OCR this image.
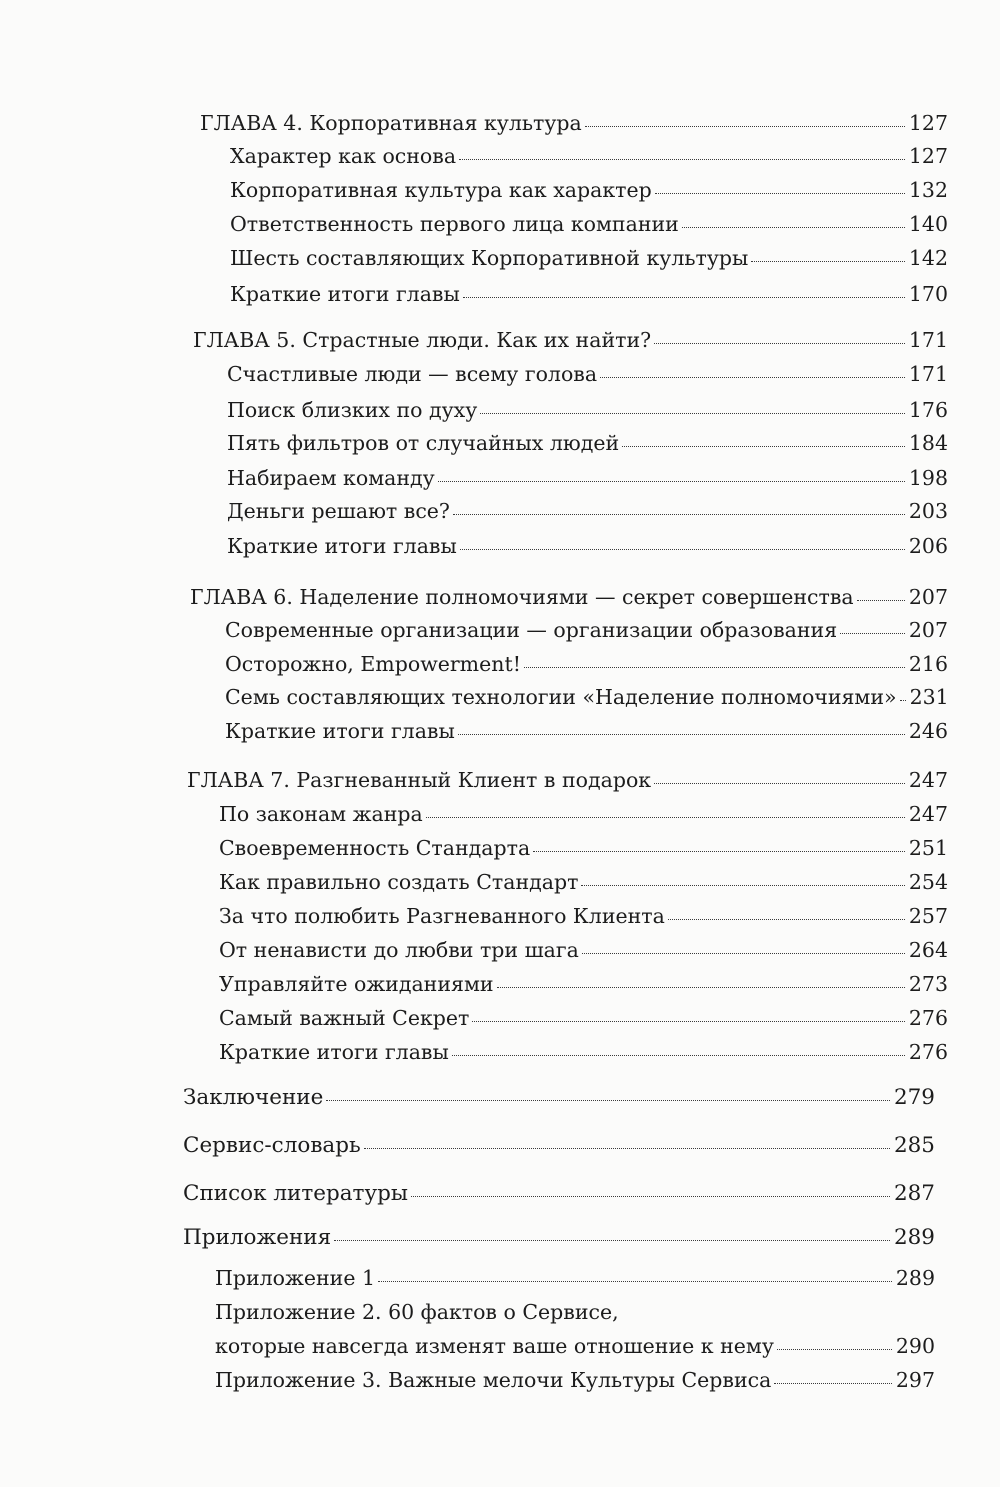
ГЛАВА 4. Корпоративная культура	127
Характер как основа	127
Корпоративная культура как характер	132
Ответственность первого лица компании	140
Шесть составляющих Корпоративной культуры	142
Краткие итоги главы	170
ГЛАВА 5. Страстные люди. Как их найти?	171
Счастливые люди — всему голова	171
Поиск близких по духу	176
Пять фильтров от случайных людей	184
Набираем команду	198
Деньги решают все?	203
Краткие итоги главы	206
ГЛАВА 6. Наделение полномочиями — секрет совершенства	207
Современные организации — организации образования	207
Осторожно, Empowerment!	216
Семь составляющих технологии «Наделение полномочиями» 231
Краткие итоги главы	246
ГЛАВА 7. Разгневанный Клиент в подарок	247
По законам жанра	247
Своевременность Стандарта	251
Как правильно создать Стандарт	254
За что полюбить Разгневанного Клиента	257
От ненависти до любви три шага	264
Управляйте ожиданиями	273
Самый важный Секрет	276
Краткие итоги главы	276
Заключение	279
Сервис-словарь	285
Список литературы	287
Приложения	289
Приложение 1	289
Приложение 2. 60 фактов о Сервисе,
которые навсегда изменят ваше отношение к нему	290
Приложение 3. Важные мелочи Культуры Сервиса	297
